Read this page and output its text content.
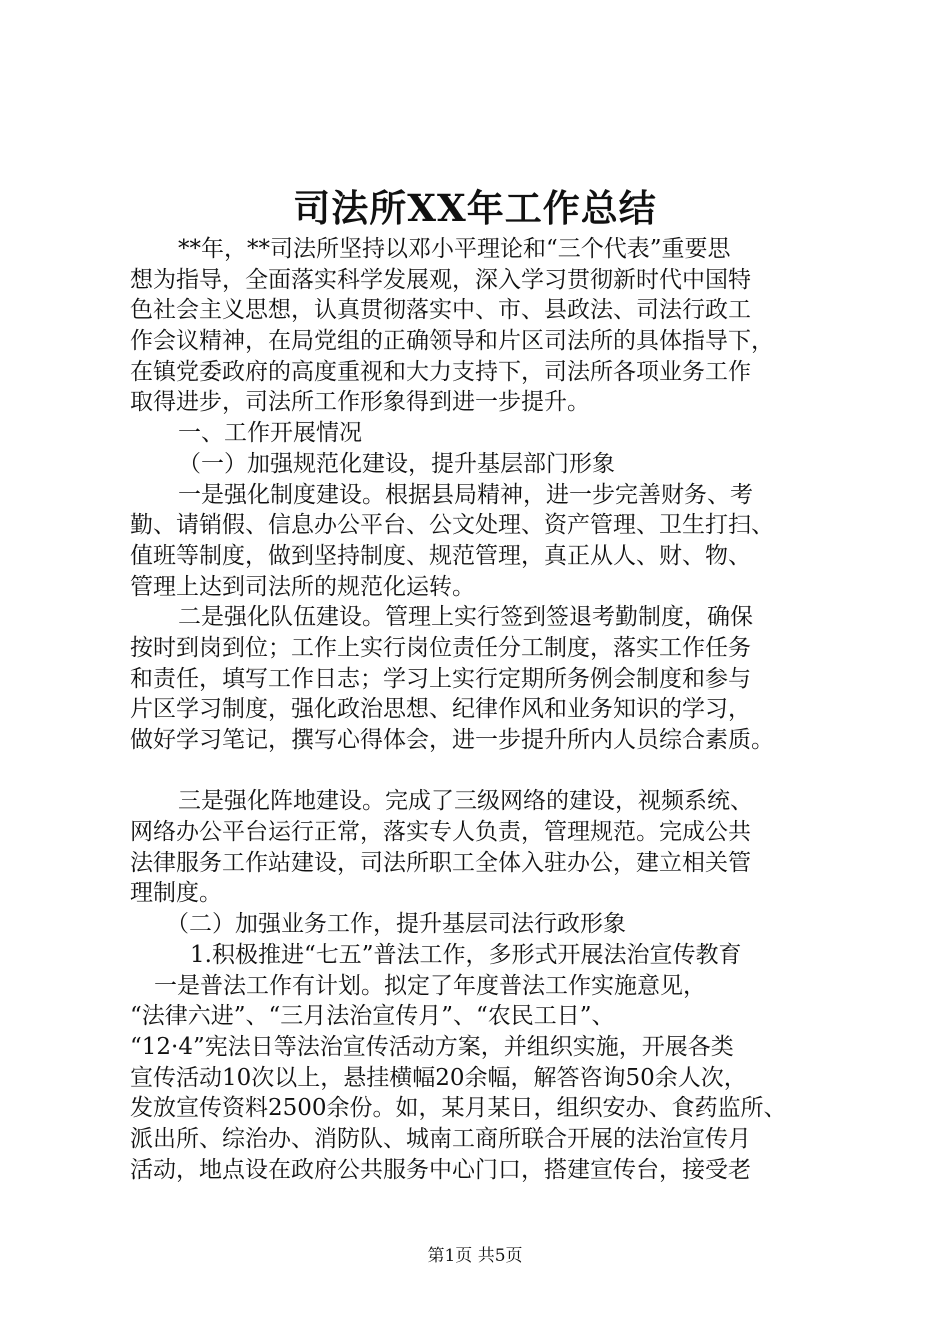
司法所XX年工作总结
**年，**司法所坚持以邓小平理论和“三个代表”重要思
想为指导，全面落实科学发展观，深入学习贯彻新时代中国特
色社会主义思想，认真贯彻落实中、市、县政法、司法行政工
作会议精神，在局党组的正确领导和片区司法所的具体指导下，
在镇党委政府的高度重视和大力支持下，司法所各项业务工作
取得进步，司法所工作形象得到进一步提升。
一、工作开展情况
（一）加强规范化建设，提升基层部门形象
一是强化制度建设。根据县局精神，进一步完善财务、考
勤、请销假、信息办公平台、公文处理、资产管理、卫生打扫、
值班等制度，做到坚持制度、规范管理，真正从人、财、物、
管理上达到司法所的规范化运转。
二是强化队伍建设。管理上实行签到签退考勤制度，确保
按时到岗到位；工作上实行岗位责任分工制度，落实工作任务
和责任，填写工作日志；学习上实行定期所务例会制度和参与
片区学习制度，强化政治思想、纪律作风和业务知识的学习，
做好学习笔记，撰写心得体会，进一步提升所内人员综合素质。
三是强化阵地建设。完成了三级网络的建设，视频系统、
网络办公平台运行正常，落实专人负责，管理规范。完成公共
法律服务工作站建设，司法所职工全体入驻办公，建立相关管
理制度。
（二）加强业务工作，提升基层司法行政形象
1.积极推进“七五”普法工作，多形式开展法治宣传教育
一是普法工作有计划。拟定了年度普法工作实施意见，
“法律六进”、“三月法治宣传月”、“农民工日”、
“12·4”宪法日等法治宣传活动方案，并组织实施，开展各类
宣传活动10次以上，悬挂横幅20余幅，解答咨询50余人次，
发放宣传资料2500余份。如，某月某日，组织安办、食药监所、
派出所、综治办、消防队、城南工商所联合开展的法治宣传月
活动，地点设在政府公共服务中心门口，搭建宣传台，接受老
第1页 共5页
